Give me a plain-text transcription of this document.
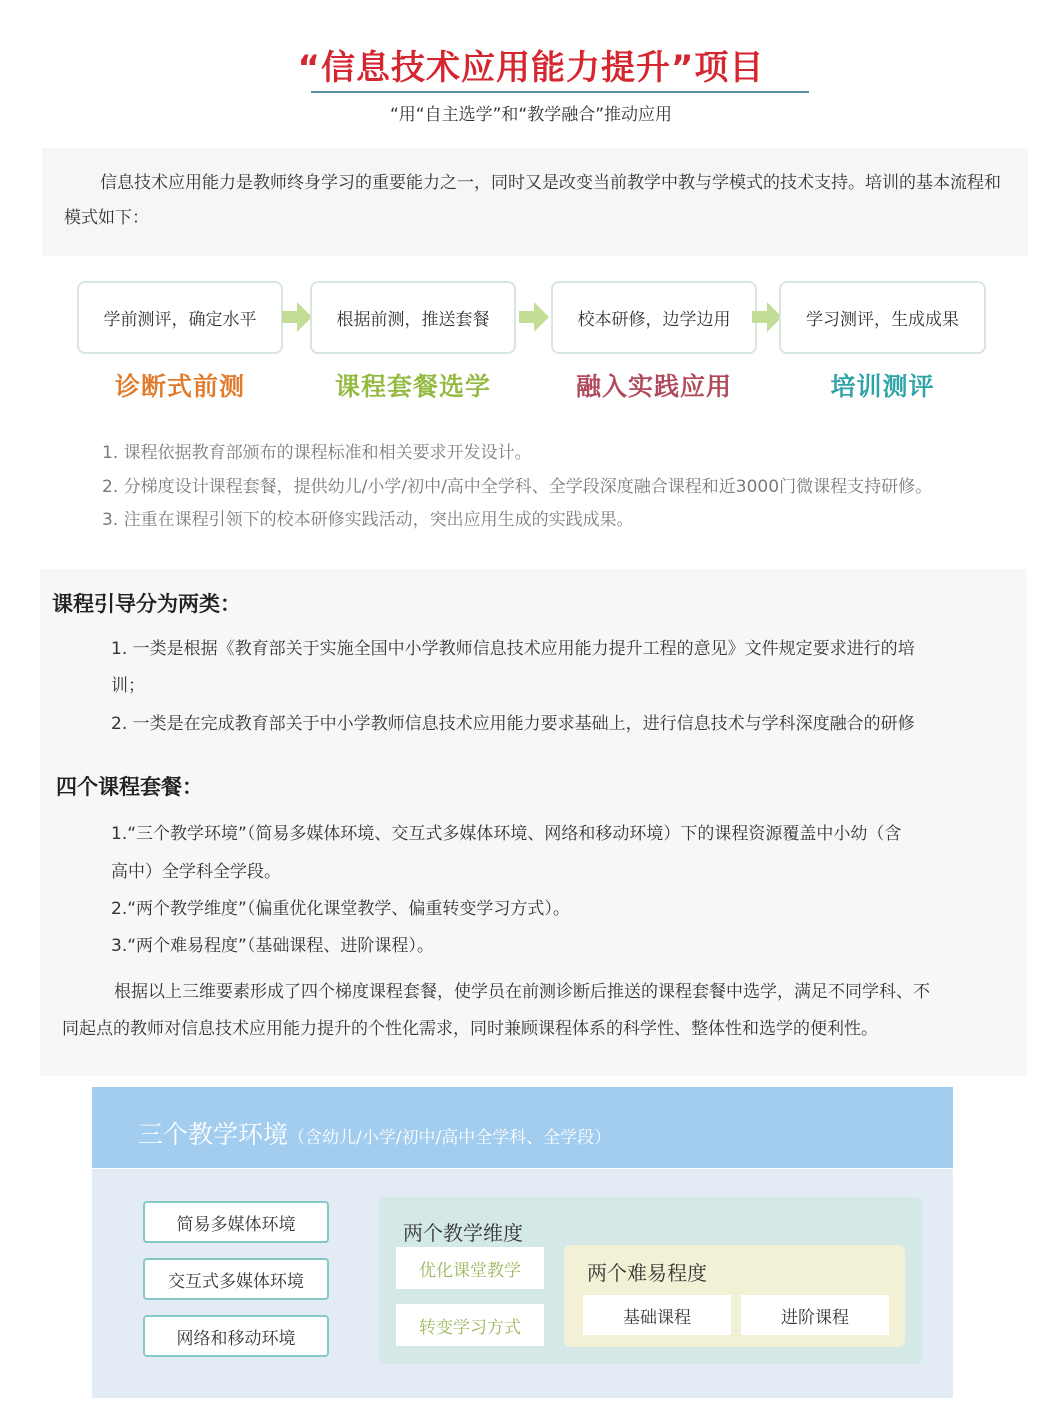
“信息技术应用能力提升”项目
“用“自主选学”和“教学融合”推动应用

信息技术应用能力是教师终身学习的重要能力之一，同时又是改变当前教学中教与学模式的技术支持。培训的基本流程和模式如下：

学前测评，确定水平	根据前测，推送套餐	校本研修，边学边用	学习测评，生成成果
诊断式前测	课程套餐选学	融入实践应用	培训测评
1. 课程依据教育部颁布的课程标准和相关要求开发设计。
2. 分梯度设计课程套餐，提供幼儿/小学/初中/高中全学科、全学段深度融合课程和近3000门微课程支持研修。
3. 注重在课程引领下的校本研修实践活动，突出应用生成的实践成果。
课程引导分为两类：
1. 一类是根据《教育部关于实施全国中小学教师信息技术应用能力提升工程的意见》文件规定要求进行的培
训；
2. 一类是在完成教育部关于中小学教师信息技术应用能力要求基础上，进行信息技术与学科深度融合的研修
四个课程套餐：
1.“三个教学环境”（简易多媒体环境、交互式多媒体环境、网络和移动环境）下的课程资源覆盖中小幼（含
高中）全学科全学段。
2.“两个教学维度”（偏重优化课堂教学、偏重转变学习方式）。
3.“两个难易程度”（基础课程、进阶课程）。
根据以上三维要素形成了四个梯度课程套餐，使学员在前测诊断后推送的课程套餐中选学，满足不同学科、不
同起点的教师对信息技术应用能力提升的个性化需求，同时兼顾课程体系的科学性、整体性和选学的便利性。
三个教学环境（含幼儿/小学/初中/高中全学科、全学段）
简易多媒体环境
交互式多媒体环境
网络和移动环境
两个教学维度
优化课堂教学
转变学习方式
两个难易程度
基础课程	进阶课程
